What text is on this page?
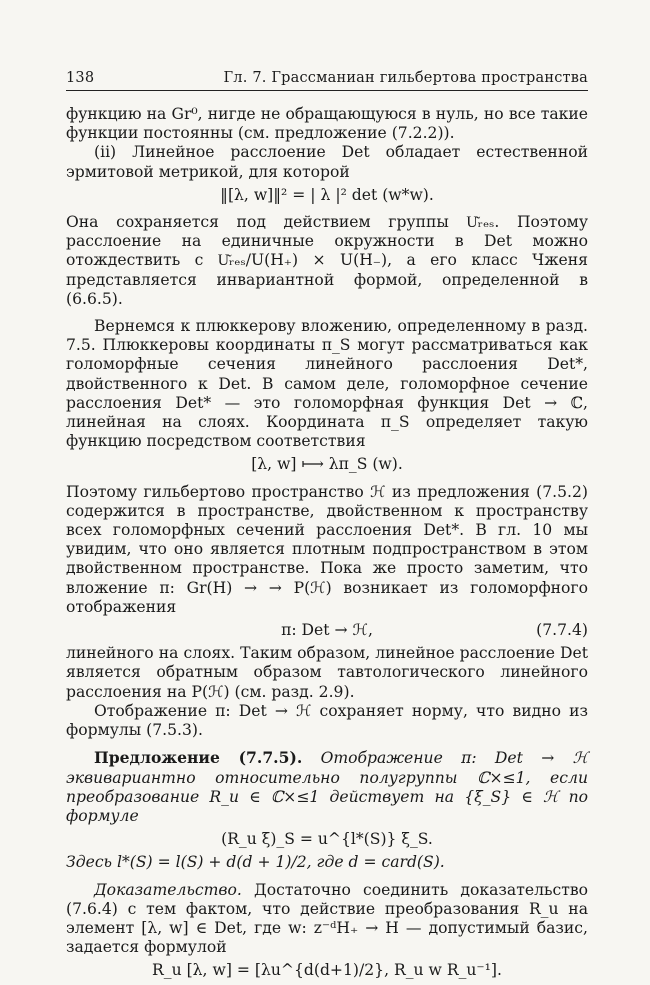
138	Гл. 7. Грассманиан гильбертова пространства

функцию на Gr⁰, нигде не обращающуюся в нуль, но все такие функции постоянны (см. предложение (7.2.2)).

(ii) Линейное расслоение Det обладает естественной эрмитовой метрикой, для которой

‖[λ, w]‖² = | λ |² det (w*w).

Она сохраняется под действием группы U͂ᵣₑₛ. Поэтому расслоение на единичные окружности в Det можно отождествить с U͂ᵣₑₛ/U(H₊) × U(H₋), а его класс Чженя представляется инвариантной формой, определенной в (6.6.5).

Вернемся к плюккерову вложению, определенному в разд. 7.5. Плюккеровы координаты π_S могут рассматриваться как голоморфные сечения линейного расслоения Det*, двойственного к Det. В самом деле, голоморфное сечение расслоения Det* — это голоморфная функция Det → ℂ, линейная на слоях. Координата π_S определяет такую функцию посредством соответствия

[λ, w] ⟼ λπ_S (w).

Поэтому гильбертово пространство ℋ из предложения (7.5.2) содержится в пространстве, двойственном к пространству всех голоморфных сечений расслоения Det*. В гл. 10 мы увидим, что оно является плотным подпространством в этом двойственном пространстве. Пока же просто заметим, что вложение π: Gr(H) → → P(ℋ) возникает из голоморфного отображения

π: Det → ℋ,	(7.7.4)

линейного на слоях. Таким образом, линейное расслоение Det является обратным образом тавтологического линейного расслоения на P(ℋ) (см. разд. 2.9).

Отображение π: Det → ℋ сохраняет норму, что видно из формулы (7.5.3).

Предложение (7.7.5). Отображение π: Det → ℋ эквивариантно относительно полугруппы ℂ×≤1, если преобразование R_u ∈ ℂ×≤1 действует на {ξ_S} ∈ ℋ по формуле

(R_u ξ)_S = u^{l*(S)} ξ_S.

Здесь l*(S) = l(S) + d(d + 1)/2, где d = card(S).

Доказательство. Достаточно соединить доказательство (7.6.4) с тем фактом, что действие преобразования R_u на элемент [λ, w] ∈ Det, где w: z⁻ᵈH₊ → H — допустимый базис, задается формулой

R_u [λ, w] = [λu^{d(d+1)/2}, R_u w R_u⁻¹].
